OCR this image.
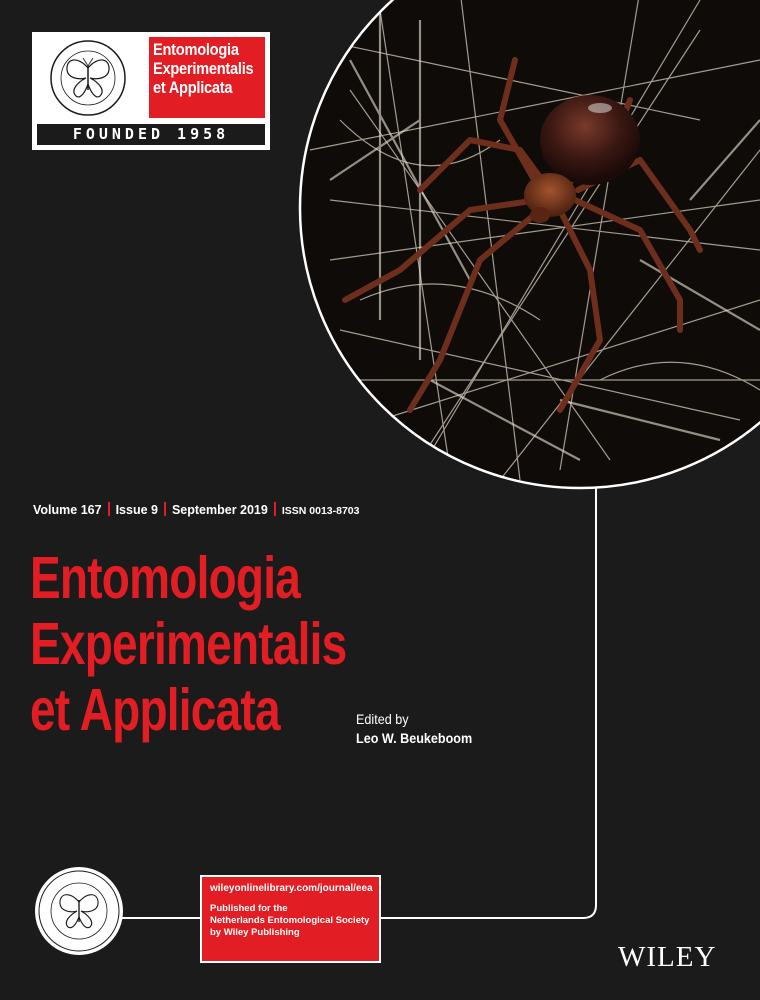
Entomologia
Experimentalis
et Applicata
FOUNDED 1958
Volume 167 Issue 9 September 2019 ISSN 0013-8703
Entomologia
Experimentalis
et Applicata	Edited by
Leo W. Beukeboom
wileyonlinelibrary.com/journal/eea
Published for the
Netherlands Entomological Society
by Wiley Publishing
WILEY
